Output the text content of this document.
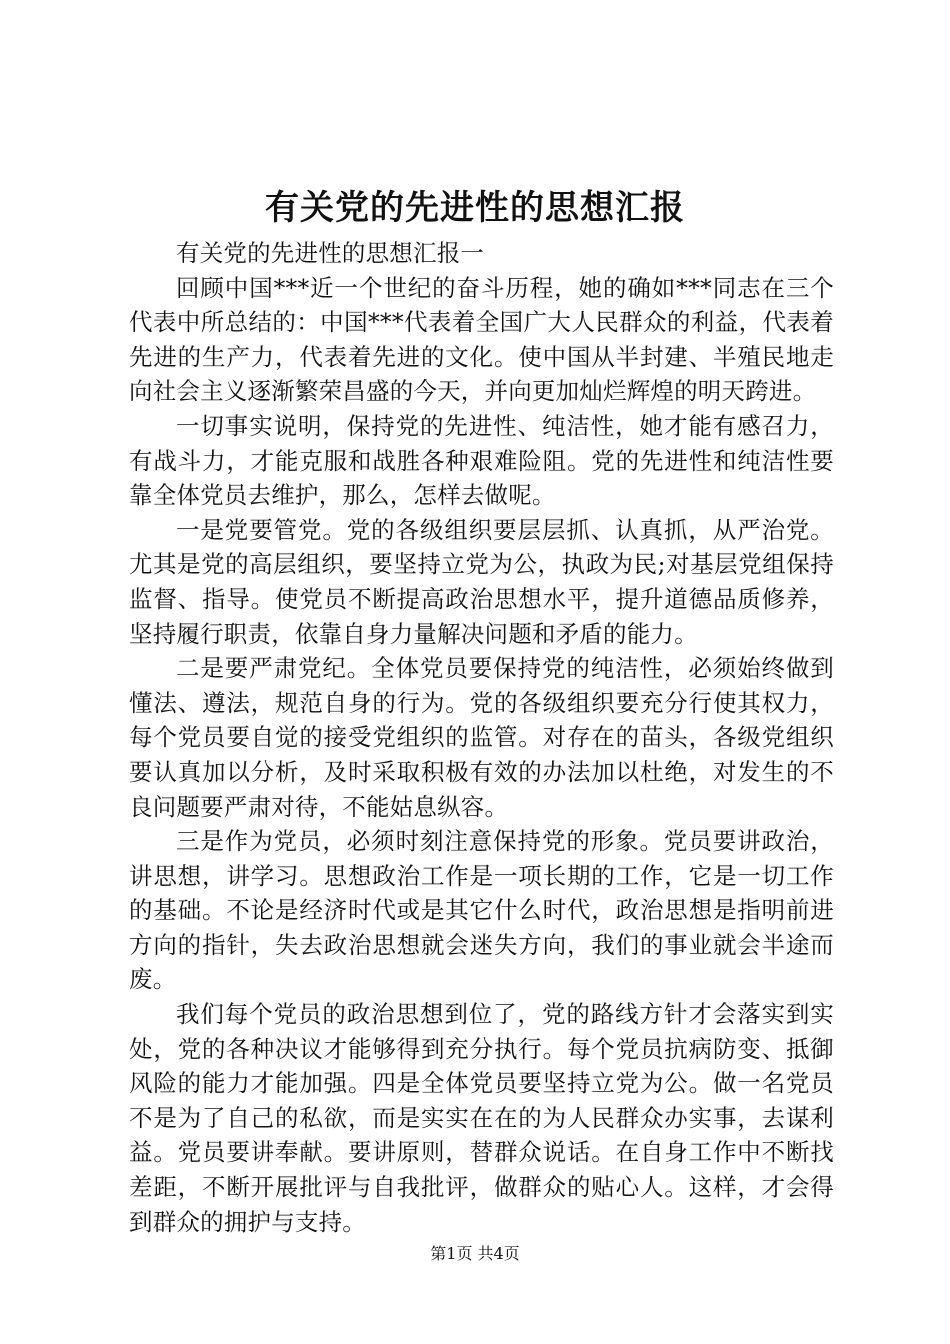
有关党的先进性的思想汇报

有关党的先进性的思想汇报一

回顾中国***近一个世纪的奋斗历程，她的确如***同志在三个代表中所总结的：中国***代表着全国广大人民群众的利益，代表着先进的生产力，代表着先进的文化。使中国从半封建、半殖民地走向社会主义逐渐繁荣昌盛的今天，并向更加灿烂辉煌的明天跨进。

一切事实说明，保持党的先进性、纯洁性，她才能有感召力，有战斗力，才能克服和战胜各种艰难险阻。党的先进性和纯洁性要靠全体党员去维护，那么，怎样去做呢。

一是党要管党。党的各级组织要层层抓、认真抓，从严治党。尤其是党的高层组织，要坚持立党为公，执政为民;对基层党组保持监督、指导。使党员不断提高政治思想水平，提升道德品质修养，坚持履行职责，依靠自身力量解决问题和矛盾的能力。

二是要严肃党纪。全体党员要保持党的纯洁性，必须始终做到懂法、遵法，规范自身的行为。党的各级组织要充分行使其权力，每个党员要自觉的接受党组织的监管。对存在的苗头，各级党组织要认真加以分析，及时采取积极有效的办法加以杜绝，对发生的不良问题要严肃对待，不能姑息纵容。

三是作为党员，必须时刻注意保持党的形象。党员要讲政治，讲思想，讲学习。思想政治工作是一项长期的工作，它是一切工作的基础。不论是经济时代或是其它什么时代，政治思想是指明前进方向的指针，失去政治思想就会迷失方向，我们的事业就会半途而废。

我们每个党员的政治思想到位了，党的路线方针才会落实到实处，党的各种决议才能够得到充分执行。每个党员抗病防变、抵御风险的能力才能加强。四是全体党员要坚持立党为公。做一名党员不是为了自己的私欲，而是实实在在的为人民群众办实事，去谋利益。党员要讲奉献。要讲原则，替群众说话。在自身工作中不断找差距，不断开展批评与自我批评，做群众的贴心人。这样，才会得到群众的拥护与支持。

第1页 共4页
